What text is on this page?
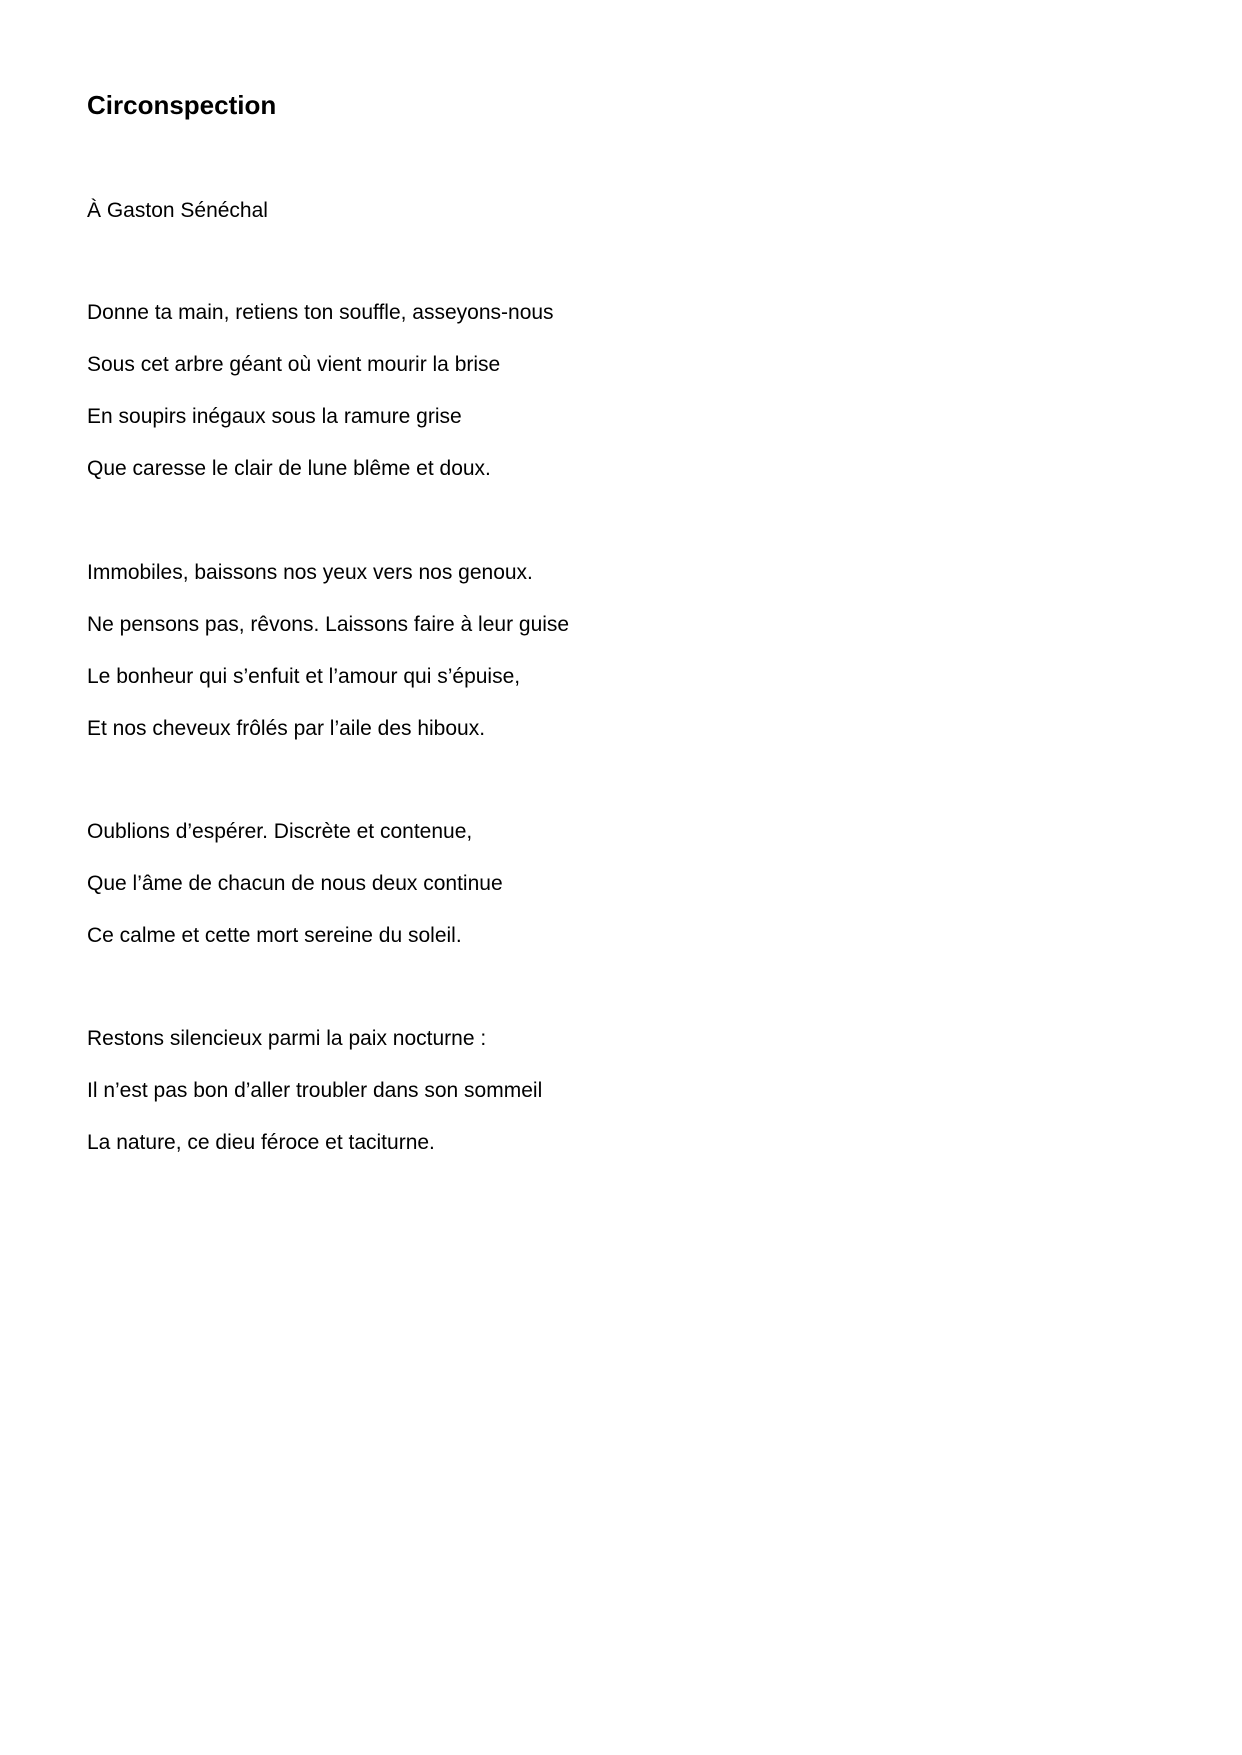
Circonspection

À Gaston Sénéchal

Donne ta main, retiens ton souffle, asseyons-nous
Sous cet arbre géant où vient mourir la brise
En soupirs inégaux sous la ramure grise
Que caresse le clair de lune blême et doux.
Immobiles, baissons nos yeux vers nos genoux.
Ne pensons pas, rêvons. Laissons faire à leur guise
Le bonheur qui s’enfuit et l’amour qui s’épuise,
Et nos cheveux frôlés par l’aile des hiboux.
Oublions d’espérer. Discrète et contenue,
Que l’âme de chacun de nous deux continue
Ce calme et cette mort sereine du soleil.
Restons silencieux parmi la paix nocturne :
Il n’est pas bon d’aller troubler dans son sommeil
La nature, ce dieu féroce et taciturne.
